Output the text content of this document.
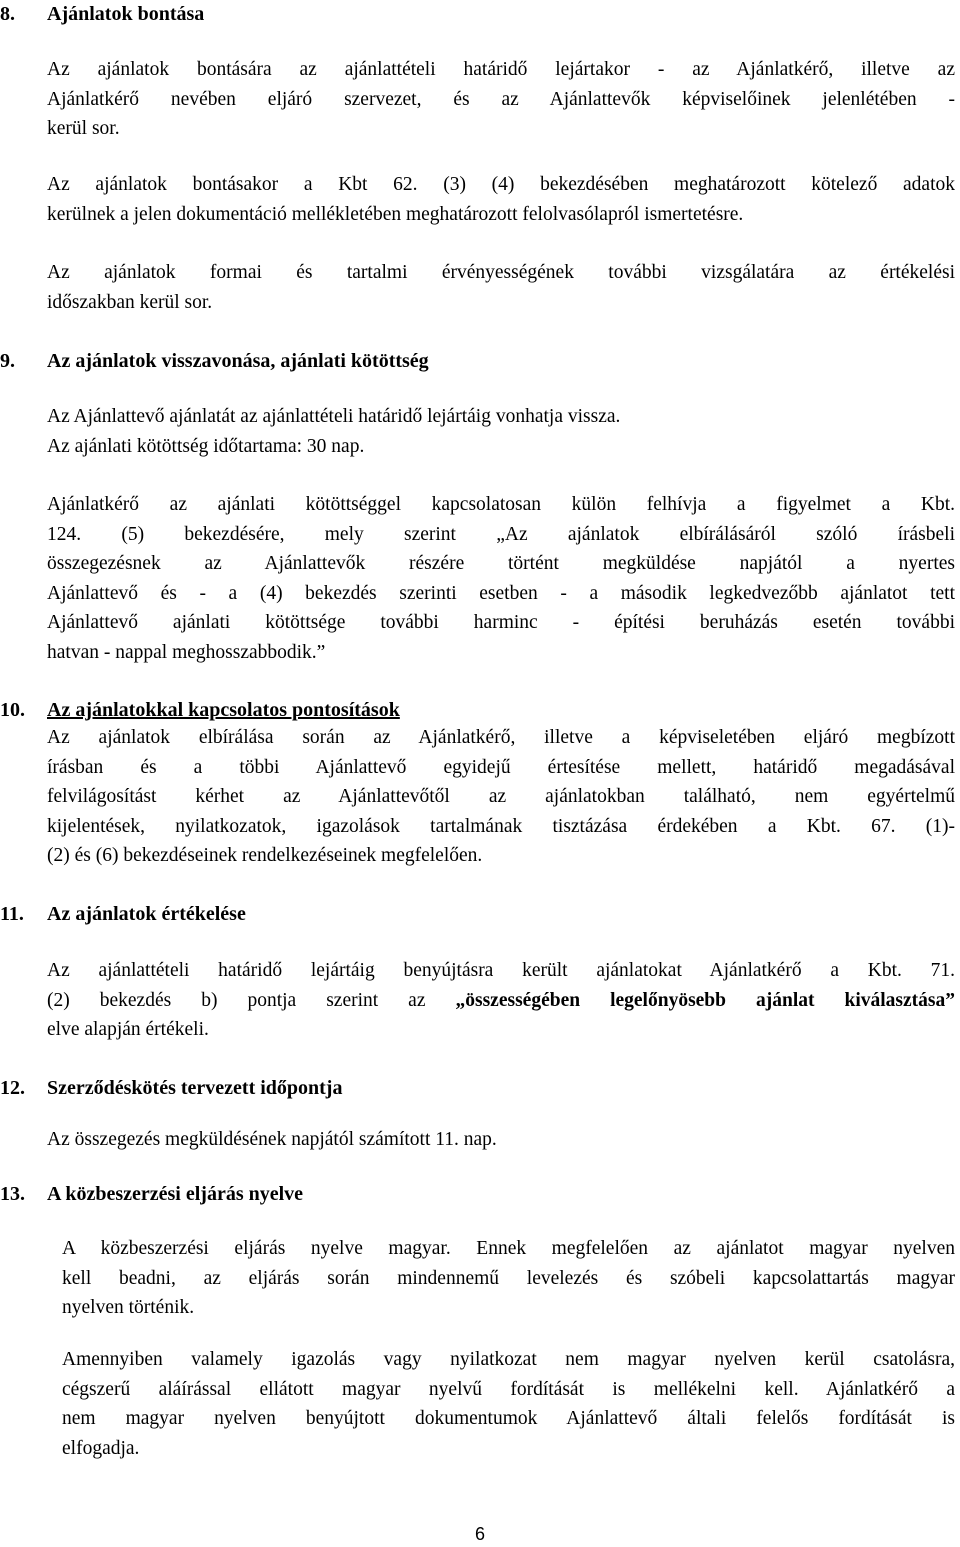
8. Ajánlatok bontása
Az ajánlatok bontására az ajánlattételi határidő lejártakor - az Ajánlatkérő, illetve az
Ajánlatkérő nevében eljáró szervezet, és az Ajánlattevők képviselőinek jelenlétében -
kerül sor.
Az ajánlatok bontásakor a Kbt 62. (3) (4) bekezdésében meghatározott kötelező adatok
kerülnek a jelen dokumentáció mellékletében meghatározott felolvasólapról ismertetésre.
Az ajánlatok formai és tartalmi érvényességének további vizsgálatára az értékelési
időszakban kerül sor.
9. Az ajánlatok visszavonása, ajánlati kötöttség
Az Ajánlattevő ajánlatát az ajánlattételi határidő lejártáig vonhatja vissza.
Az ajánlati kötöttség időtartama: 30 nap.
Ajánlatkérő az ajánlati kötöttséggel kapcsolatosan külön felhívja a figyelmet a Kbt.
124. (5) bekezdésére, mely szerint „Az ajánlatok elbírálásáról szóló írásbeli
összegezésnek az Ajánlattevők részére történt megküldése napjától a nyertes
Ajánlattevő és - a (4) bekezdés szerinti esetben - a második legkedvezőbb ajánlatot tett
Ajánlattevő ajánlati kötöttsége további harminc - építési beruházás esetén további
hatvan - nappal meghosszabbodik.”
10. Az ajánlatokkal kapcsolatos pontosítások
Az ajánlatok elbírálása során az Ajánlatkérő, illetve a képviseletében eljáró megbízott
írásban és a többi Ajánlattevő egyidejű értesítése mellett, határidő megadásával
felvilágosítást kérhet az Ajánlattevőtől az ajánlatokban található, nem egyértelmű
kijelentések, nyilatkozatok, igazolások tartalmának tisztázása érdekében a Kbt. 67. (1)-
(2) és (6) bekezdéseinek rendelkezéseinek megfelelően.
11. Az ajánlatok értékelése
Az ajánlattételi határidő lejártáig benyújtásra került ajánlatokat Ajánlatkérő a Kbt. 71.
(2) bekezdés b) pontja szerint az „összességében legelőnyösebb ajánlat kiválasztása”
elve alapján értékeli.
12. Szerződéskötés tervezett időpontja
Az összegezés megküldésének napjától számított 11. nap.
13. A közbeszerzési eljárás nyelve
A közbeszerzési eljárás nyelve magyar. Ennek megfelelően az ajánlatot magyar nyelven
kell beadni, az eljárás során mindennemű levelezés és szóbeli kapcsolattartás magyar
nyelven történik.
Amennyiben valamely igazolás vagy nyilatkozat nem magyar nyelven kerül csatolásra,
cégszerű aláírással ellátott magyar nyelvű fordítását is mellékelni kell. Ajánlatkérő a
nem magyar nyelven benyújtott dokumentumok Ajánlattevő általi felelős fordítását is
elfogadja.
6
